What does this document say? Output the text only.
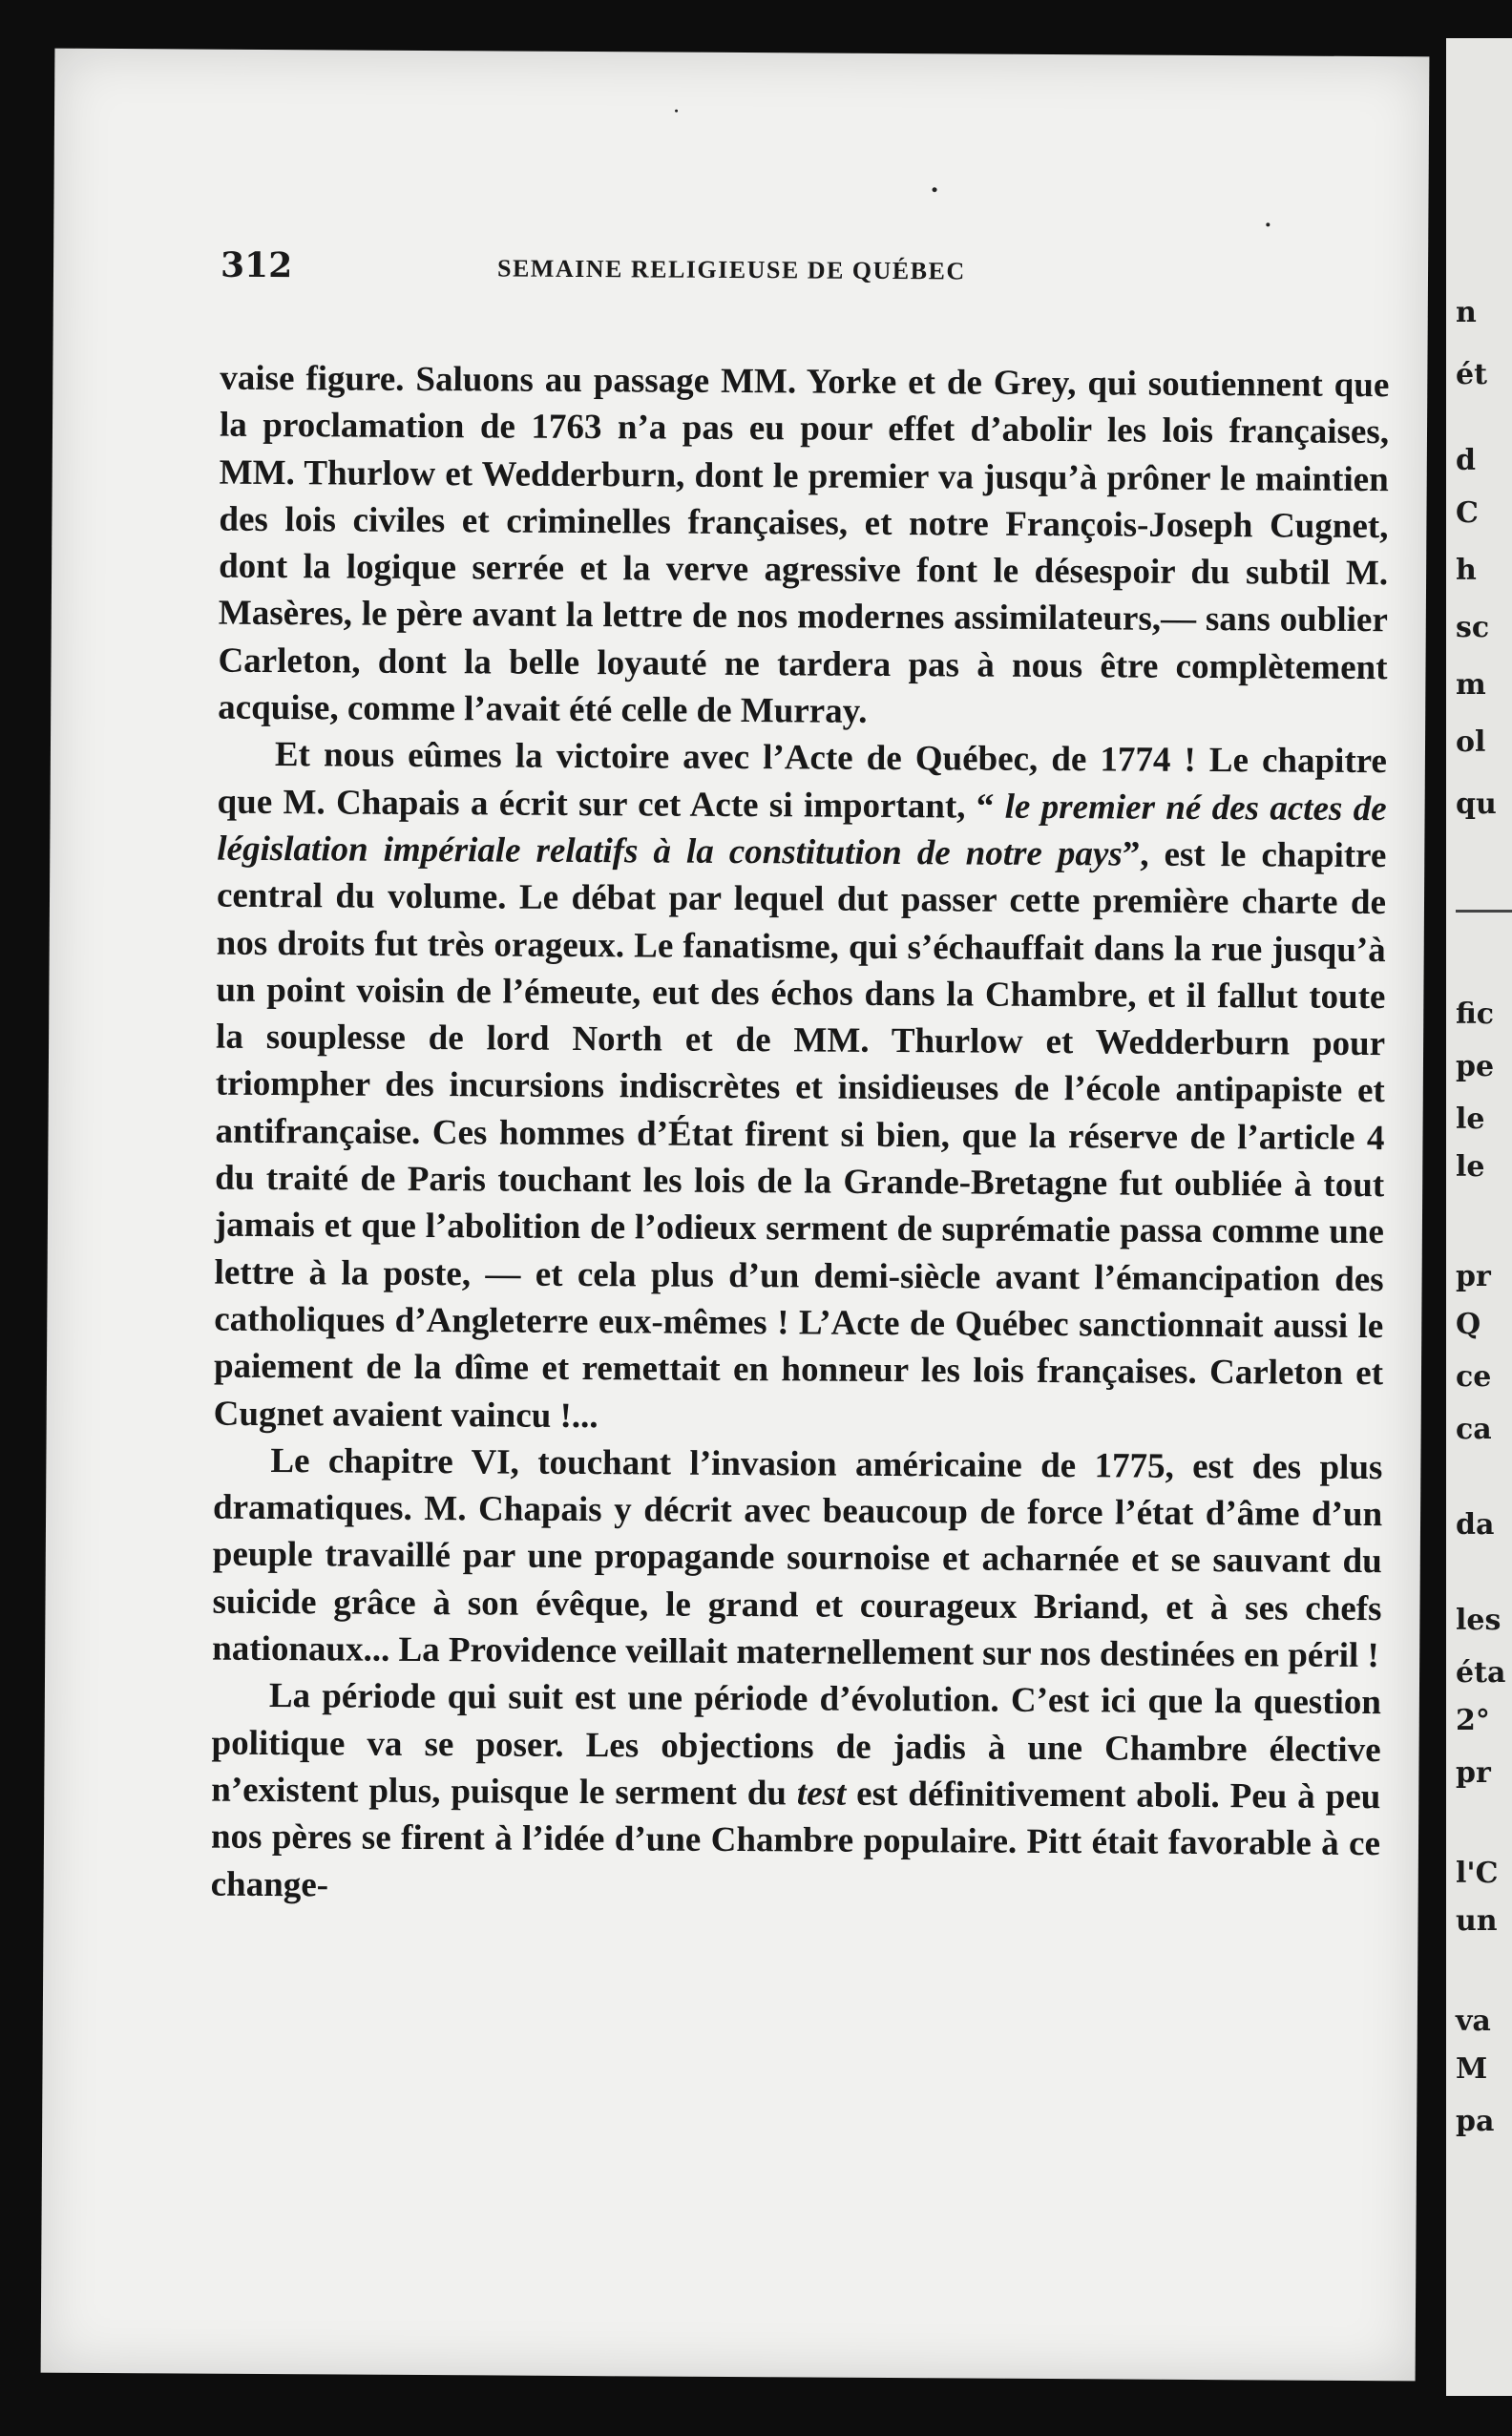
n
ét
d
C
h
sc
m
ol
qu
fic
pe
le
le
pr
Q
ce
ca
da
les
éta
2°
pr
l'C
un
va
M
pa
312	SEMAINE RELIGIEUSE DE QUÉBEC

vaise figure. Saluons au passage MM. Yorke et de Grey, qui soutiennent que la proclamation de 1763 n’a pas eu pour effet d’abolir les lois françaises, MM. Thurlow et Wedderburn, dont le premier va jusqu’à prôner le maintien des lois civiles et criminelles françaises, et notre François-Joseph Cugnet, dont la logique serrée et la verve agressive font le désespoir du subtil M. Masères, le père avant la lettre de nos modernes assimilateurs,— sans oublier Carleton, dont la belle loyauté ne tardera pas à nous être complètement acquise, comme l’avait été celle de Murray.

Et nous eûmes la victoire avec l’Acte de Québec, de 1774 ! Le chapitre que M. Chapais a écrit sur cet Acte si important, “ le premier né des actes de législation impériale relatifs à la constitution de notre pays”, est le chapitre central du volume. Le débat par lequel dut passer cette première charte de nos droits fut très orageux. Le fanatisme, qui s’échauffait dans la rue jusqu’à un point voisin de l’émeute, eut des échos dans la Chambre, et il fallut toute la souplesse de lord North et de MM. Thurlow et Wedderburn pour triompher des incursions indiscrètes et insidieuses de l’école antipapiste et antifrançaise. Ces hommes d’État firent si bien, que la réserve de l’article 4 du traité de Paris touchant les lois de la Grande-Bretagne fut oubliée à tout jamais et que l’abolition de l’odieux serment de suprématie passa comme une lettre à la poste, — et cela plus d’un demi-siècle avant l’émancipation des catholiques d’Angleterre eux-mêmes ! L’Acte de Québec sanctionnait aussi le paiement de la dîme et remettait en honneur les lois françaises. Carleton et Cugnet avaient vaincu !...

Le chapitre VI, touchant l’invasion américaine de 1775, est des plus dramatiques. M. Chapais y décrit avec beaucoup de force l’état d’âme d’un peuple travaillé par une propagande sournoise et acharnée et se sauvant du suicide grâce à son évêque, le grand et courageux Briand, et à ses chefs nationaux... La Providence veillait maternellement sur nos destinées en péril !

La période qui suit est une période d’évolution. C’est ici que la question politique va se poser. Les objections de jadis à une Chambre élective n’existent plus, puisque le serment du test est définitivement aboli. Peu à peu nos pères se firent à l’idée d’une Chambre populaire. Pitt était favorable à ce change-
